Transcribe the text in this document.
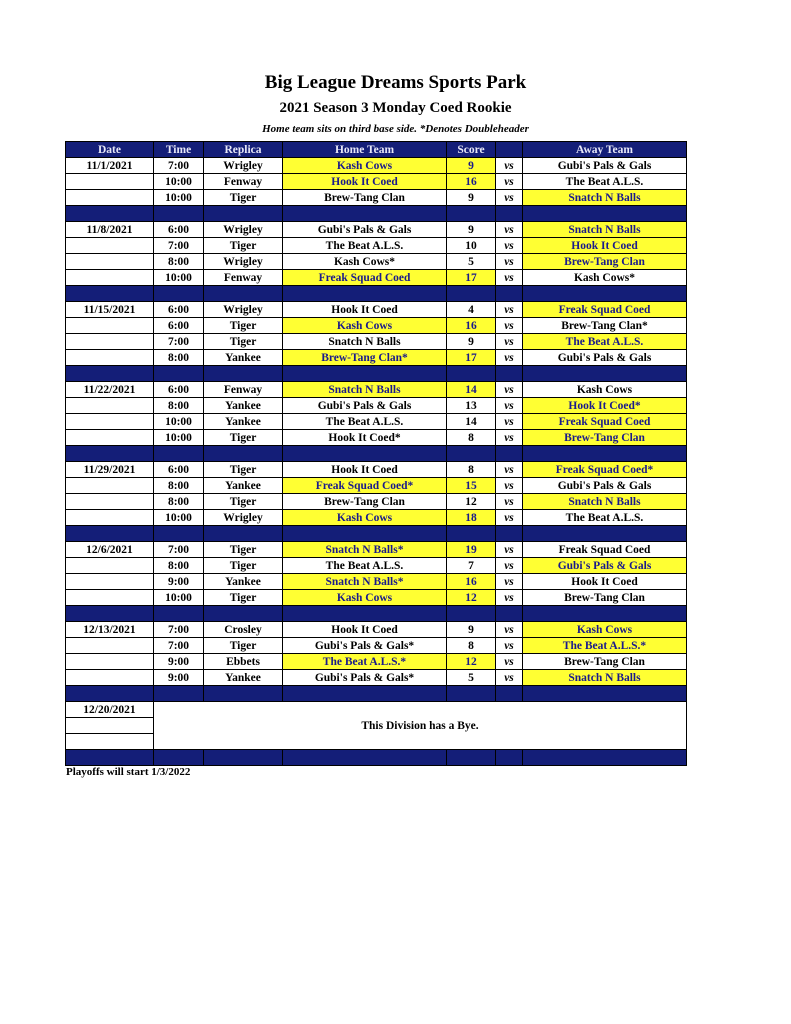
Big League Dreams Sports Park
2021 Season 3 Monday Coed Rookie
Home team sits on third base side. *Denotes Doubleheader
Date	Time	Replica	Home Team	Score		Away Team
11/1/2021	7:00	Wrigley	Kash Cows	9	vs	Gubi's Pals & Gals
	10:00	Fenway	Hook It Coed	16	vs	The Beat A.L.S.
	10:00	Tiger	Brew-Tang Clan	9	vs	Snatch N Balls

11/8/2021	6:00	Wrigley	Gubi's Pals & Gals	9	vs	Snatch N Balls
	7:00	Tiger	The Beat A.L.S.	10	vs	Hook It Coed
	8:00	Wrigley	Kash Cows*	5	vs	Brew-Tang Clan
	10:00	Fenway	Freak Squad Coed	17	vs	Kash Cows*

11/15/2021	6:00	Wrigley	Hook It Coed	4	vs	Freak Squad Coed
	6:00	Tiger	Kash Cows	16	vs	Brew-Tang Clan*
	7:00	Tiger	Snatch N Balls	9	vs	The Beat A.L.S.
	8:00	Yankee	Brew-Tang Clan*	17	vs	Gubi's Pals & Gals

11/22/2021	6:00	Fenway	Snatch N Balls	14	vs	Kash Cows
	8:00	Yankee	Gubi's Pals & Gals	13	vs	Hook It Coed*
	10:00	Yankee	The Beat A.L.S.	14	vs	Freak Squad Coed
	10:00	Tiger	Hook It Coed*	8	vs	Brew-Tang Clan

11/29/2021	6:00	Tiger	Hook It Coed	8	vs	Freak Squad Coed*
	8:00	Yankee	Freak Squad Coed*	15	vs	Gubi's Pals & Gals
	8:00	Tiger	Brew-Tang Clan	12	vs	Snatch N Balls
	10:00	Wrigley	Kash Cows	18	vs	The Beat A.L.S.

12/6/2021	7:00	Tiger	Snatch N Balls*	19	vs	Freak Squad Coed
	8:00	Tiger	The Beat A.L.S.	7	vs	Gubi's Pals & Gals
	9:00	Yankee	Snatch N Balls*	16	vs	Hook It Coed
	10:00	Tiger	Kash Cows	12	vs	Brew-Tang Clan

12/13/2021	7:00	Crosley	Hook It Coed	9	vs	Kash Cows
	7:00	Tiger	Gubi's Pals & Gals*	8	vs	The Beat A.L.S.*
	9:00	Ebbets	The Beat A.L.S.*	12	vs	Brew-Tang Clan
	9:00	Yankee	Gubi's Pals & Gals*	5	vs	Snatch N Balls

12/20/2021	This Division has a Bye.					

Playoffs will start 1/3/2022
